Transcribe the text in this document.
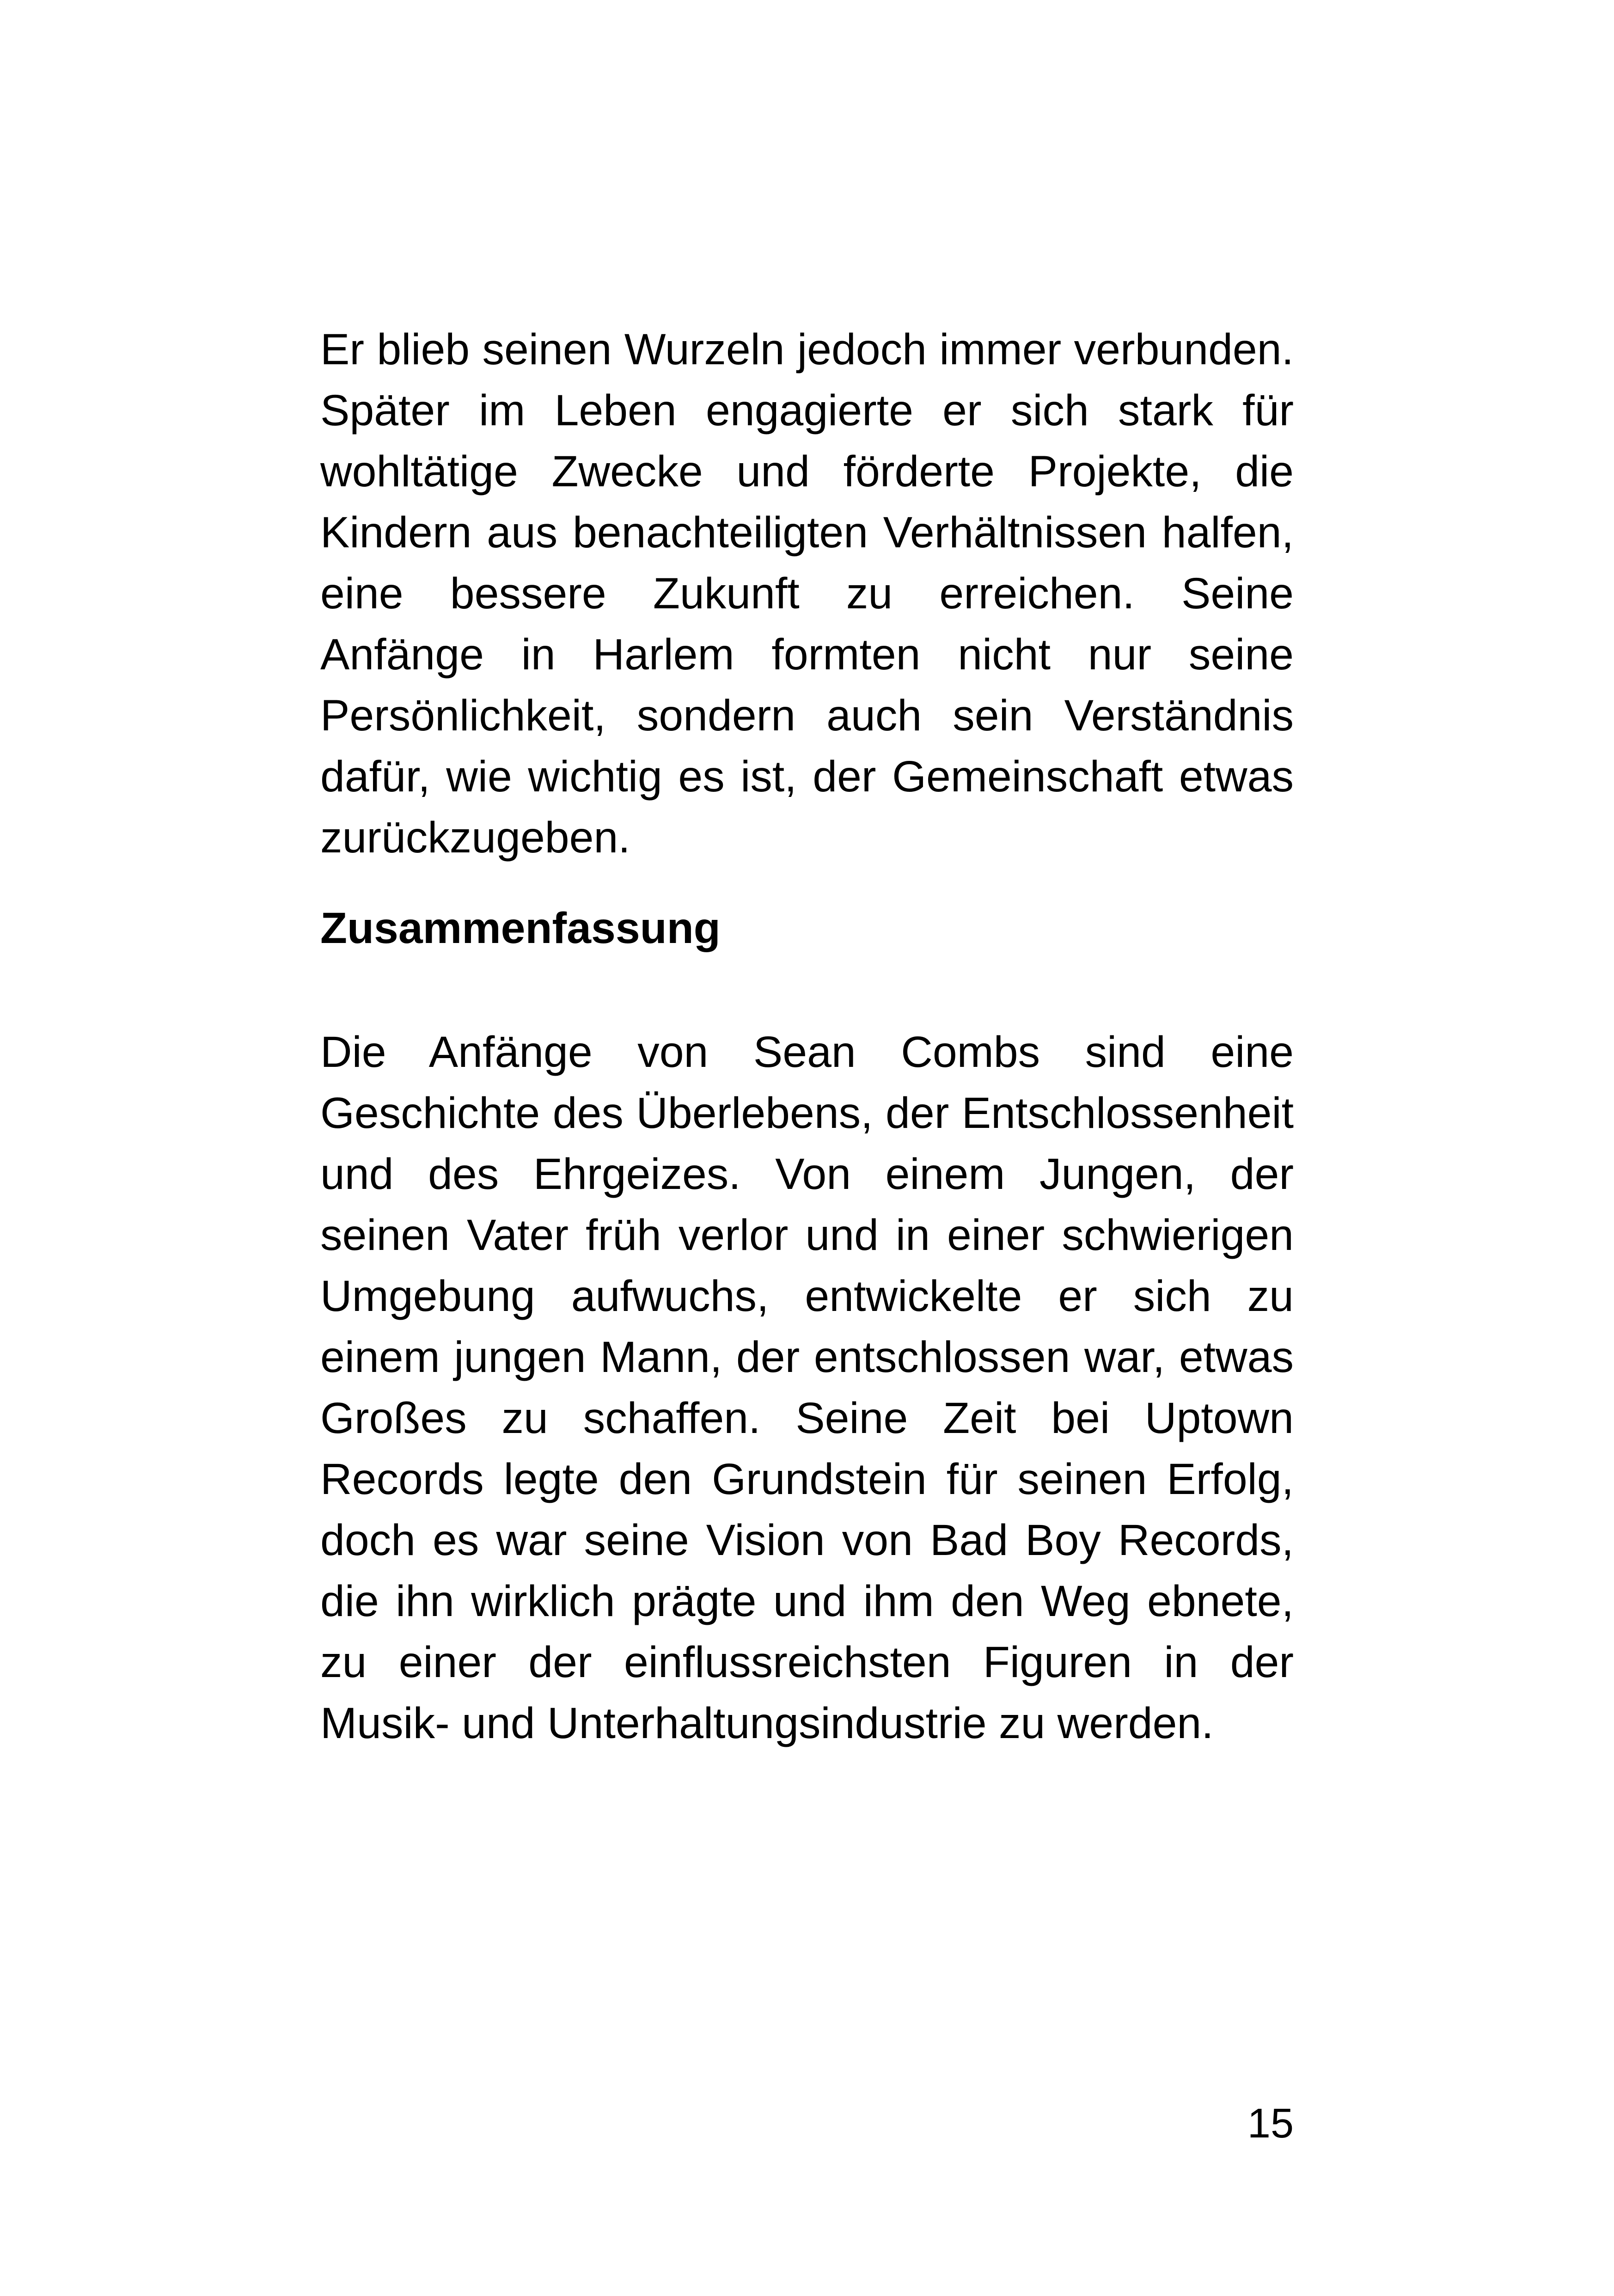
Er blieb seinen Wurzeln jedoch immer verbunden. Später im Leben engagierte er sich stark für wohltätige Zwecke und förderte Projekte, die Kindern aus benachteiligten Verhältnissen halfen, eine bessere Zukunft zu erreichen. Seine Anfänge in Harlem formten nicht nur seine Persönlichkeit, sondern auch sein Verständnis dafür, wie wichtig es ist, der Gemeinschaft etwas zurückzugeben.

Zusammenfassung

Die Anfänge von Sean Combs sind eine Geschichte des Überlebens, der Entschlossenheit und des Ehrgeizes. Von einem Jungen, der seinen Vater früh verlor und in einer schwierigen Umgebung aufwuchs, entwickelte er sich zu einem jungen Mann, der entschlossen war, etwas Großes zu schaffen. Seine Zeit bei Uptown Records legte den Grundstein für seinen Erfolg, doch es war seine Vision von Bad Boy Records, die ihn wirklich prägte und ihm den Weg ebnete, zu einer der einflussreichsten Figuren in der Musik- und Unterhaltungsindustrie zu werden.

15
